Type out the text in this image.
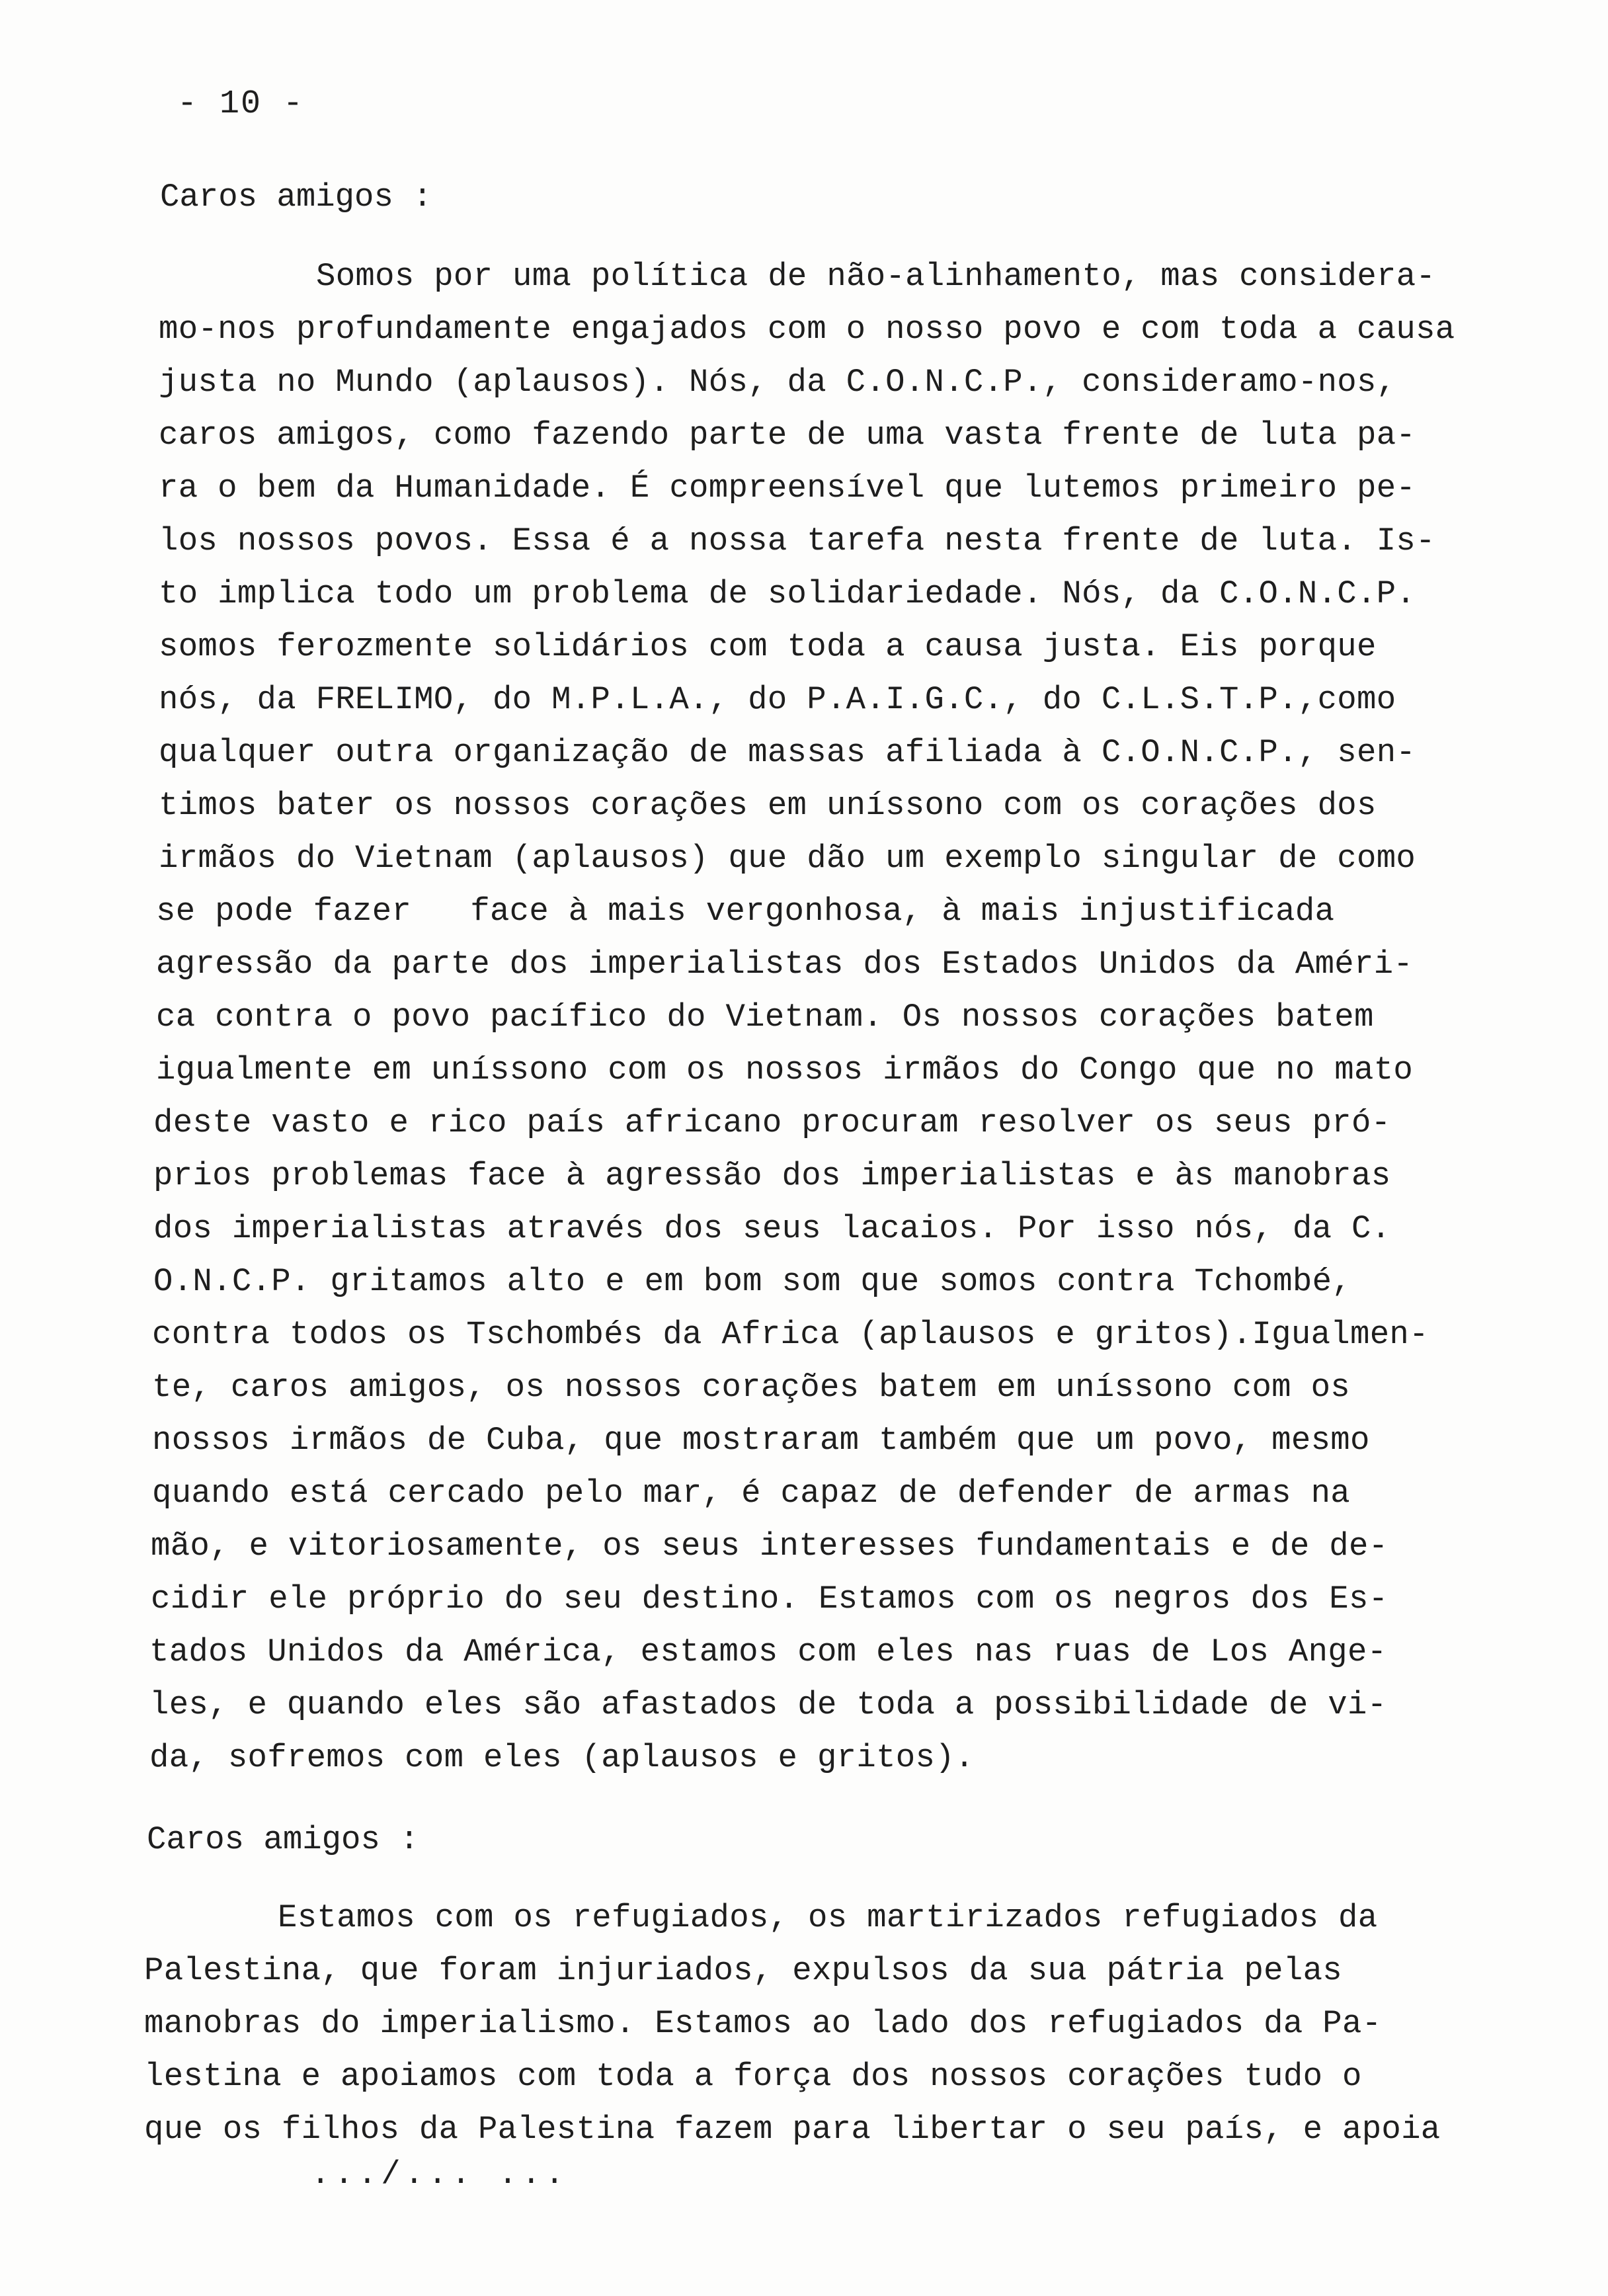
- 10 -
Caros amigos :
Somos por uma política de não-alinhamento, mas considera-
mo-nos profundamente engajados com o nosso povo e com toda a causa
justa no Mundo (aplausos). Nós, da C.O.N.C.P., consideramo-nos,
caros amigos, como fazendo parte de uma vasta frente de luta pa-
ra o bem da Humanidade. É compreensível que lutemos primeiro pe-
los nossos povos. Essa é a nossa tarefa nesta frente de luta. Is-
to implica todo um problema de solidariedade. Nós, da C.O.N.C.P.
somos ferozmente solidários com toda a causa justa. Eis porque
nós, da FRELIMO, do M.P.L.A., do P.A.I.G.C., do C.L.S.T.P.,como
qualquer outra organização de massas afiliada à C.O.N.C.P., sen-
timos bater os nossos corações em uníssono com os corações dos
irmãos do Vietnam (aplausos) que dão um exemplo singular de como
se pode fazer   face à mais vergonhosa, à mais injustificada
agressão da parte dos imperialistas dos Estados Unidos da Améri-
ca contra o povo pacífico do Vietnam. Os nossos corações batem
igualmente em uníssono com os nossos irmãos do Congo que no mato
deste vasto e rico país africano procuram resolver os seus pró-
prios problemas face à agressão dos imperialistas e às manobras
dos imperialistas através dos seus lacaios. Por isso nós, da C.
O.N.C.P. gritamos alto e em bom som que somos contra Tchombé,
contra todos os Tschombés da Africa (aplausos e gritos).Igualmen-
te, caros amigos, os nossos corações batem em uníssono com os
nossos irmãos de Cuba, que mostraram também que um povo, mesmo
quando está cercado pelo mar, é capaz de defender de armas na
mão, e vitoriosamente, os seus interesses fundamentais e de de-
cidir ele próprio do seu destino. Estamos com os negros dos Es-
tados Unidos da América, estamos com eles nas ruas de Los Ange-
les, e quando eles são afastados de toda a possibilidade de vi-
da, sofremos com eles (aplausos e gritos).
Caros amigos :
Estamos com os refugiados, os martirizados refugiados da
Palestina, que foram injuriados, expulsos da sua pátria pelas
manobras do imperialismo. Estamos ao lado dos refugiados da Pa-
lestina e apoiamos com toda a força dos nossos corações tudo o
que os filhos da Palestina fazem para libertar o seu país, e apoia
.../... ...
